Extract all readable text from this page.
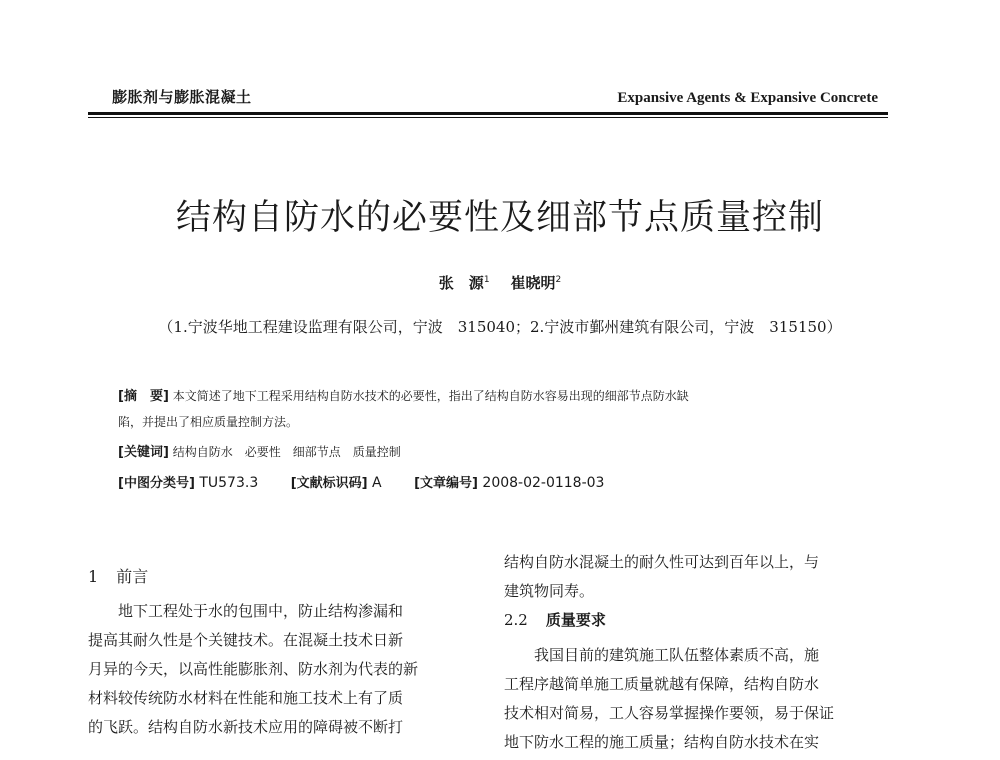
膨胀剂与膨胀混凝土	Expansive Agents & Expansive Concrete
结构自防水的必要性及细部节点质量控制
张　源$^1$ 崔晓明$^2$
（1.宁波华地工程建设监理有限公司，宁波　315040；2.宁波市鄞州建筑有限公司，宁波　315150）
[摘　要] 本文简述了地下工程采用结构自防水技术的必要性，指出了结构自防水容易出现的细部节点防水缺
陷，并提出了相应质量控制方法。
[关键词] 结构自防水　必要性　细部节点　质量控制
[中图分类号] TU573.3 [文献标识码] A [文章编号] 2008-02-0118-03
1 前言
　　地下工程处于水的包围中，防止结构渗漏和
提高其耐久性是个关键技术。在混凝土技术日新
月异的今天，以高性能膨胀剂、防水剂为代表的新
材料较传统防水材料在性能和施工技术上有了质
的飞跃。结构自防水新技术应用的障碍被不断打
结构自防水混凝土的耐久性可达到百年以上，与
建筑物同寿。
2.2 质量要求
　　我国目前的建筑施工队伍整体素质不高，施
工程序越简单施工质量就越有保障，结构自防水
技术相对简易，工人容易掌握操作要领，易于保证
地下防水工程的施工质量；结构自防水技术在实
